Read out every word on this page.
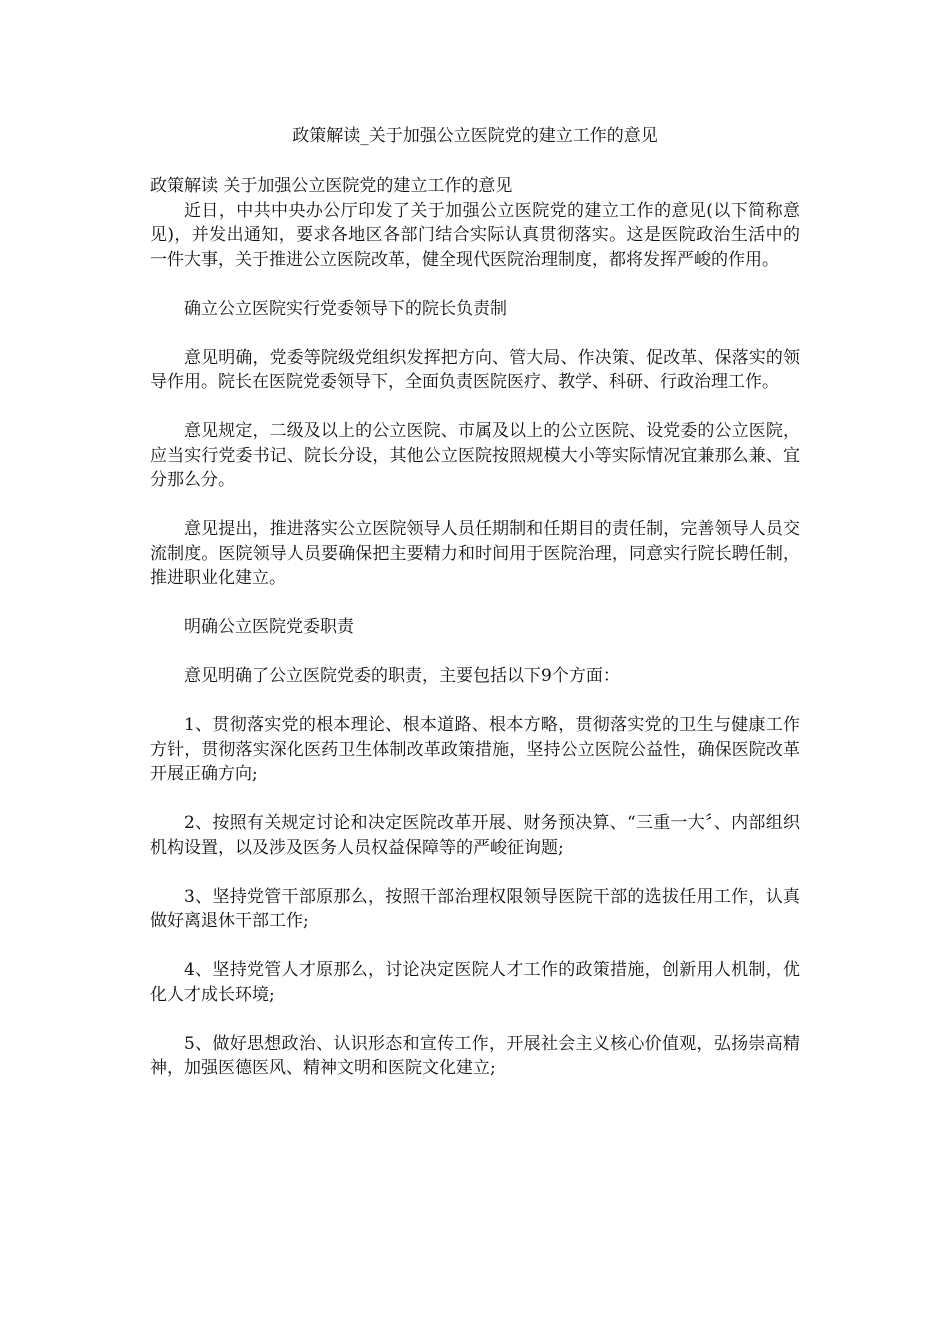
政策解读_关于加强公立医院党的建立工作的意见

政策解读 关于加强公立医院党的建立工作的意见

近日，中共中央办公厅印发了关于加强公立医院党的建立工作的意见(以下简称意见)，并发出通知，要求各地区各部门结合实际认真贯彻落实。这是医院政治生活中的一件大事，关于推进公立医院改革，健全现代医院治理制度，都将发挥严峻的作用。

确立公立医院实行党委领导下的院长负责制

意见明确，党委等院级党组织发挥把方向、管大局、作决策、促改革、保落实的领导作用。院长在医院党委领导下，全面负责医院医疗、教学、科研、行政治理工作。

意见规定，二级及以上的公立医院、市属及以上的公立医院、设党委的公立医院，应当实行党委书记、院长分设，其他公立医院按照规模大小等实际情况宜兼那么兼、宜分那么分。

意见提出，推进落实公立医院领导人员任期制和任期目的责任制，完善领导人员交流制度。医院领导人员要确保把主要精力和时间用于医院治理，同意实行院长聘任制，推进职业化建立。

明确公立医院党委职责

意见明确了公立医院党委的职责，主要包括以下9个方面：

1、贯彻落实党的根本理论、根本道路、根本方略，贯彻落实党的卫生与健康工作方针，贯彻落实深化医药卫生体制改革政策措施，坚持公立医院公益性，确保医院改革开展正确方向;

2、按照有关规定讨论和决定医院改革开展、财务预决算、“三重一大〞、内部组织机构设置，以及涉及医务人员权益保障等的严峻征询题;

3、坚持党管干部原那么，按照干部治理权限领导医院干部的选拔任用工作，认真做好离退休干部工作;

4、坚持党管人才原那么，讨论决定医院人才工作的政策措施，创新用人机制，优化人才成长环境;

5、做好思想政治、认识形态和宣传工作，开展社会主义核心价值观，弘扬崇高精神，加强医德医风、精神文明和医院文化建立;
